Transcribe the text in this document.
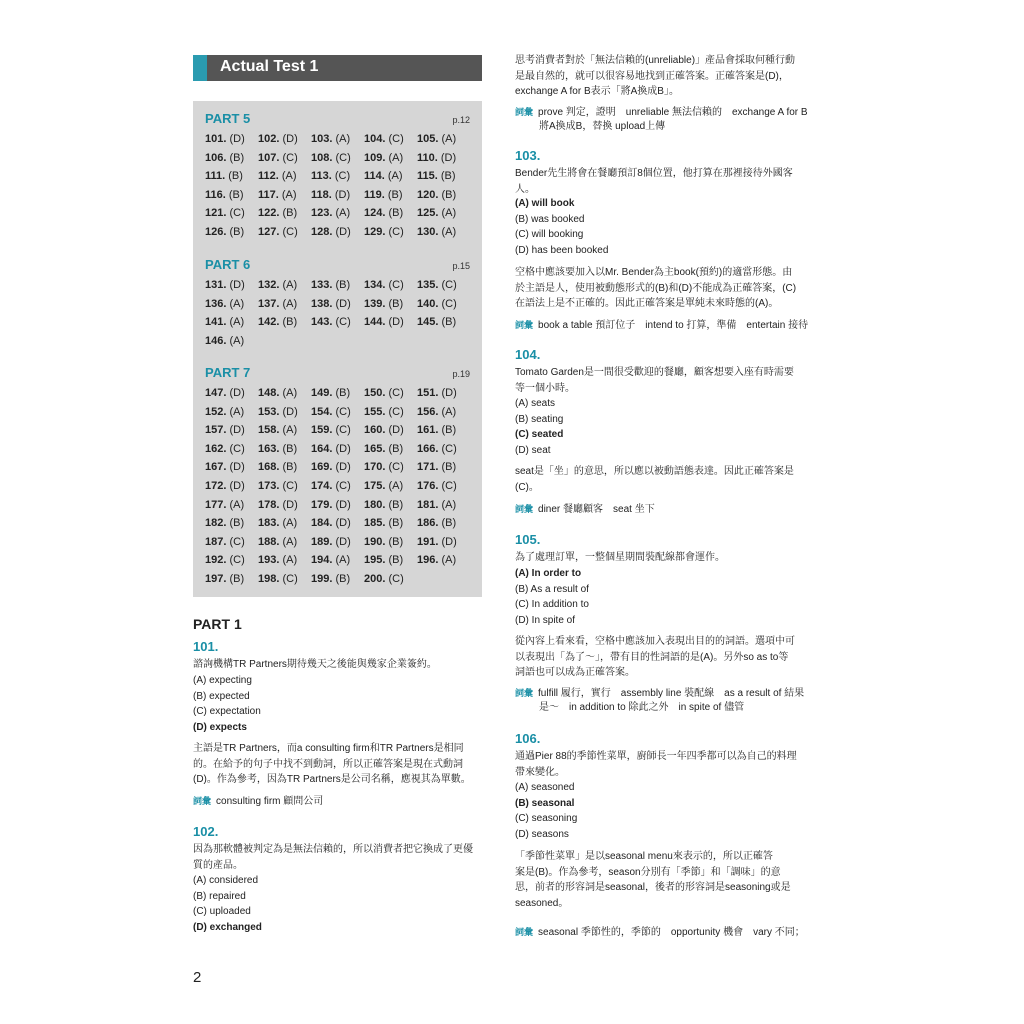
Actual Test 1
PART 5	p.12
101. (D) 102. (D) 103. (A) 104. (C) 105. (A)
106. (B) 107. (C) 108. (C) 109. (A) 110. (D)
111. (B) 112. (A) 113. (C) 114. (A) 115. (B)
116. (B) 117. (A) 118. (D) 119. (B) 120. (B)
121. (C) 122. (B) 123. (A) 124. (B) 125. (A)
126. (B) 127. (C) 128. (D) 129. (C) 130. (A)
PART 6	p.15
131. (D) 132. (A) 133. (B) 134. (C) 135. (C)
136. (A) 137. (A) 138. (D) 139. (B) 140. (C)
141. (A) 142. (B) 143. (C) 144. (D) 145. (B)
146. (A)
PART 7	p.19
147. (D) 148. (A) 149. (B) 150. (C) 151. (D)
152. (A) 153. (D) 154. (C) 155. (C) 156. (A)
157. (D) 158. (A) 159. (C) 160. (D) 161. (B)
162. (C) 163. (B) 164. (D) 165. (B) 166. (C)
167. (D) 168. (B) 169. (D) 170. (C) 171. (B)
172. (D) 173. (C) 174. (C) 175. (A) 176. (C)
177. (A) 178. (D) 179. (D) 180. (B) 181. (A)
182. (B) 183. (A) 184. (D) 185. (B) 186. (B)
187. (C) 188. (A) 189. (D) 190. (B) 191. (D)
192. (C) 193. (A) 194. (A) 195. (B) 196. (A)
197. (B) 198. (C) 199. (B) 200. (C)
PART 1
101.
諮詢機構TR Partners期待幾天之後能與幾家企業簽約。
(A) expecting
(B) expected
(C) expectation
(D) expects
主語是TR Partners，而a consulting firm和TR Partners是相同
的。在給予的句子中找不到動詞，所以正確答案是現在式動詞
(D)。作為參考，因為TR Partners是公司名稱，應視其為單數。
詞彙 consulting firm 顧問公司
102.
因為那軟體被判定為是無法信賴的，所以消費者把它換成了更優
質的產品。
(A) considered
(B) repaired
(C) uploaded
(D) exchanged
2
思考消費者對於「無法信賴的(unreliable)」產品會採取何種行動
是最自然的，就可以很容易地找到正確答案。正確答案是(D)，
exchange A for B表示「將A換成B」。
詞彙 prove 判定，證明　unreliable 無法信賴的　exchange A for B
將A換成B，替換 upload上傳
103.
Bender先生將會在餐廳預訂8個位置，他打算在那裡接待外國客
人。
(A) will book
(B) was booked
(C) will booking
(D) has been booked
空格中應該要加入以Mr. Bender為主book(預約)的適當形態。由
於主語是人，使用被動態形式的(B)和(D)不能成為正確答案，(C)
在語法上是不正確的。因此正確答案是單純未來時態的(A)。
詞彙 book a table 預訂位子　intend to 打算，準備　entertain 接待
104.
Tomato Garden是一間很受歡迎的餐廳，顧客想要入座有時需要
等一個小時。
(A) seats
(B) seating
(C) seated
(D) seat
seat是「坐」的意思，所以應以被動語態表達。因此正確答案是
(C)。
詞彙 diner 餐廳顧客　seat 坐下
105.
為了處理訂單，一整個星期間裝配線都會運作。
(A) In order to
(B) As a result of
(C) In addition to
(D) In spite of
從內容上看來看，空格中應該加入表現出目的的詞語。選項中可
以表現出「為了～」，帶有目的性詞語的是(A)。另外so as to等
詞語也可以成為正確答案。
詞彙 fulfill 履行，實行　assembly line 裝配線　as a result of 結果
是～　in addition to 除此之外　in spite of 儘管
106.
通過Pier 88的季節性菜單，廚師長一年四季都可以為自己的料理
帶來變化。
(A) seasoned
(B) seasonal
(C) seasoning
(D) seasons
「季節性菜單」是以seasonal menu來表示的，所以正確答
案是(B)。作為參考，season分別有「季節」和「調味」的意
思，前者的形容詞是seasonal，後者的形容詞是seasoning或是
seasoned。
詞彙 seasonal 季節性的，季節的　opportunity 機會　vary 不同；
